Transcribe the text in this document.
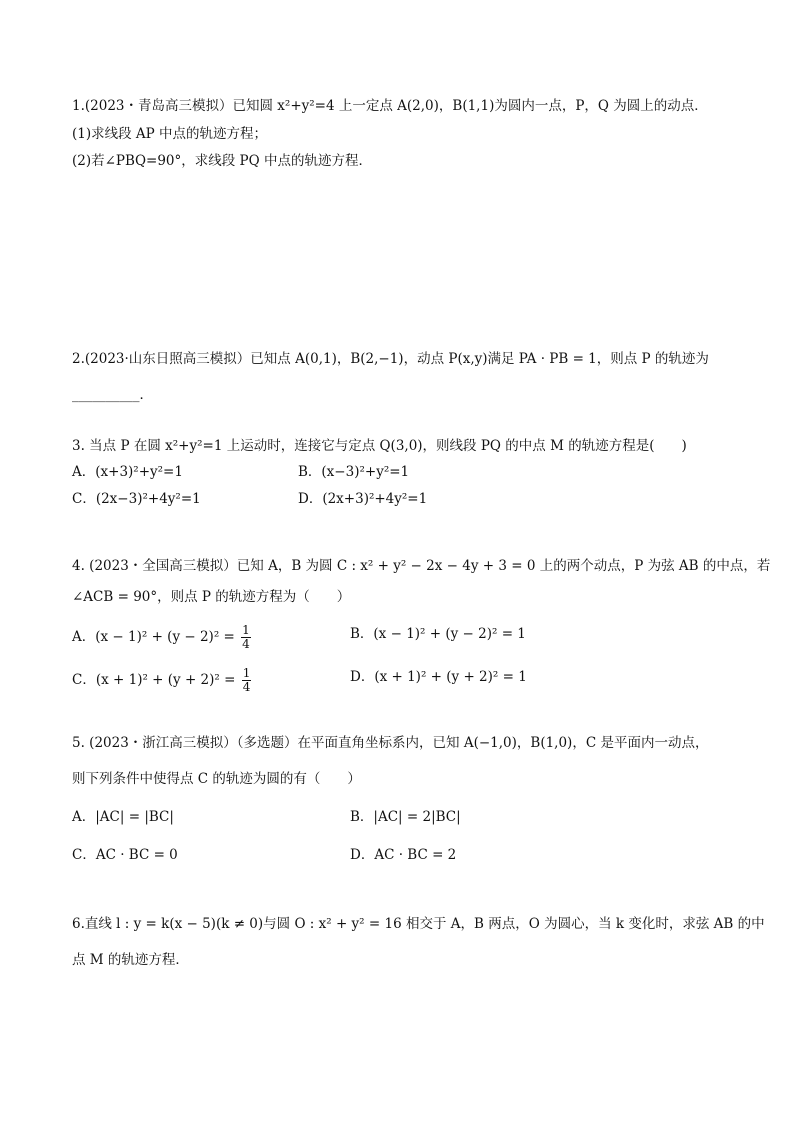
1.(2023・青岛高三模拟）已知圆 x²+y²=4 上一定点 A(2,0)，B(1,1)为圆内一点，P，Q 为圆上的动点．
(1)求线段 AP 中点的轨迹方程；
(2)若∠PBQ=90°，求线段 PQ 中点的轨迹方程．
2.(2023·山东日照高三模拟）已知点 A(0,1)，B(2,−1)，动点 P(x,y)满足 PA · PB = 1，则点 P 的轨迹为
__________．
3. 当点 P 在圆 x²+y²=1 上运动时，连接它与定点 Q(3,0)，则线段 PQ 的中点 M 的轨迹方程是(　　)
A．(x+3)²+y²=1	B．(x−3)²+y²=1
C．(2x−3)²+4y²=1	D．(2x+3)²+4y²=1
4. (2023・全国高三模拟）已知 A，B 为圆 C : x² + y² − 2x − 4y + 3 = 0 上的两个动点，P 为弦 AB 的中点，若
∠ACB = 90°，则点 P 的轨迹方程为（　　）
A．$(x - 1)^2 + (y - 2)^2 = \frac{1}{4}$	B．(x − 1)² + (y − 2)² = 1
C．$(x + 1)^2 + (y + 2)^2 = \frac{1}{4}$	D．(x + 1)² + (y + 2)² = 1
5. (2023・浙江高三模拟）（多选题）在平面直角坐标系内，已知 A(−1,0)，B(1,0)，C 是平面内一动点，
则下列条件中使得点 C 的轨迹为圆的有（　　）
A．|AC| = |BC|	B．|AC| = 2|BC|
C．AC · BC = 0	D．AC · BC = 2
6.直线 l : y = k(x − 5)(k ≠ 0)与圆 O : x² + y² = 16 相交于 A，B 两点，O 为圆心，当 k 变化时，求弦 AB 的中
点 M 的轨迹方程．
